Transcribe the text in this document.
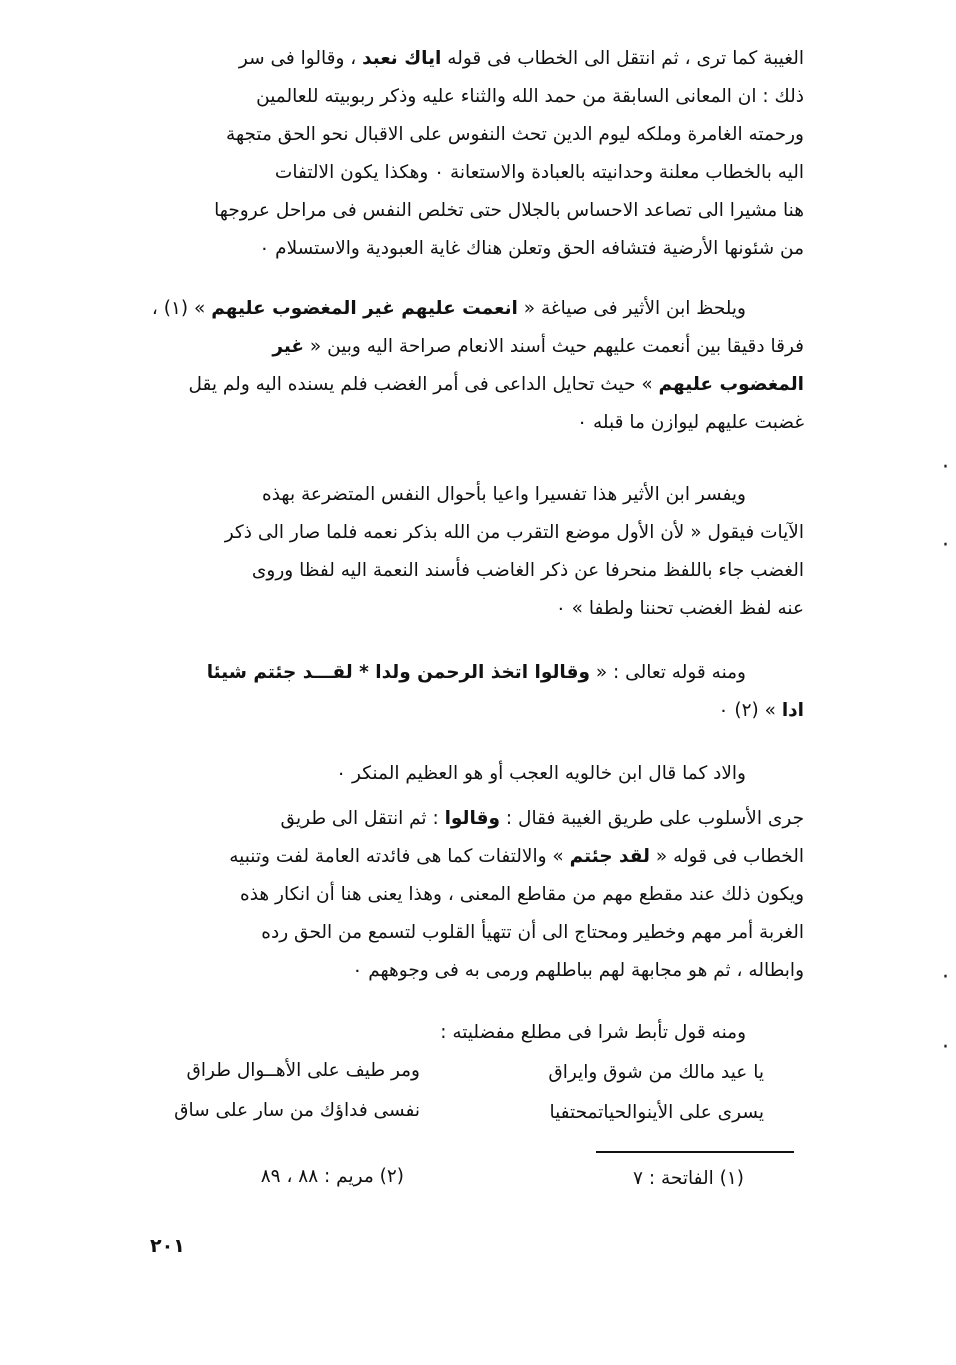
الغيبة كما ترى ، ثم انتقل الى الخطاب فى قوله اياك نعبد ، وقالوا فى سر
ذلك : ان المعانى السابقة من حمد الله والثناء عليه وذكر ربوبيته للعالمين
ورحمته الغامرة وملكه ليوم الدين تحث النفوس على الاقبال نحو الحق متجهة
اليه بالخطاب معلنة وحدانيته بالعبادة والاستعانة ٠ وهكذا يكون الالتفات
هنا مشيرا الى تصاعد الاحساس بالجلال حتى تخلص النفس فى مراحل عروجها
من شئونها الأرضية فتشافه الحق وتعلن هناك غاية العبودية والاستسلام ٠
ويلحظ ابن الأثير فى صياغة « انعمت عليهم غير المغضوب عليهم » (١) ،
فرقا دقيقا بين أنعمت عليهم حيث أسند الانعام صراحة اليه وبين « غير
المغضوب عليهم » حيث تحايل الداعى فى أمر الغضب فلم يسنده اليه ولم يقل
غضبت عليهم ليوازن ما قبله ٠
ويفسر ابن الأثير هذا تفسيرا واعيا بأحوال النفس المتضرعة بهذه
الآيات فيقول « لأن الأول موضع التقرب من الله بذكر نعمه فلما صار الى ذكر
الغضب جاء باللفظ منحرفا عن ذكر الغاضب فأسند النعمة اليه لفظا وروى
عنه لفظ الغضب تحننا ولطفا » ٠
ومنه قوله تعالى : « وقالوا اتخذ الرحمن ولدا * لقـــد جئتم شيئا
ادا » (٢) ٠
والاد كما قال ابن خالويه العجب أو هو العظيم المنكر ٠
جرى الأسلوب على طريق الغيبة فقال : وقالوا : ثم انتقل الى طريق
الخطاب فى قوله « لقد جئتم » والالتفات كما هى فائدته العامة لفت وتنبيه
ويكون ذلك عند مقطع مهم من مقاطع المعنى ، وهذا يعنى هنا أن انكار هذه
الغربة أمر مهم وخطير ومحتاج الى أن تتهيأ القلوب لتسمع من الحق رده
وابطاله ، ثم هو مجابهة لهم بباطلهم ورمى به فى وجوههم ٠
ومنه قول تأبط شرا فى مطلع مفضليته :
يا عيد مالك من شوق وايراق
ومر طيف على الأهــوال طراق
يسرى على الأينوالحياتمحتفيا
نفسى فداؤك من سار على ساق
(١) الفاتحة : ٧
(٢) مريم : ٨٨ ، ٨٩
٢٠١
·
·
·
·
